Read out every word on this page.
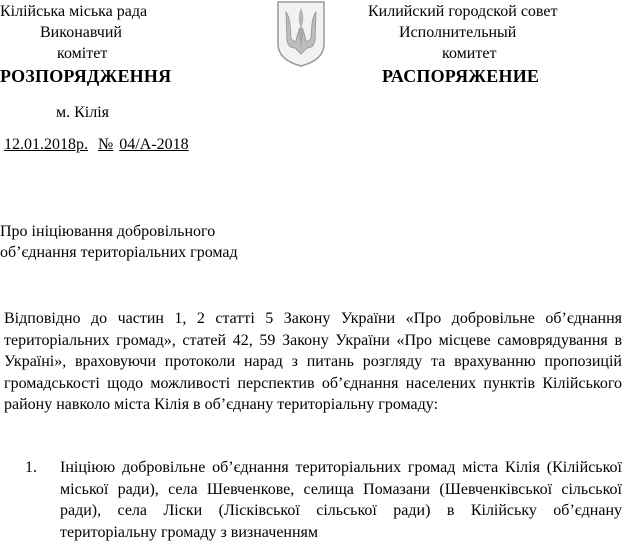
Кілійська міська рада
Виконавчий
комітет
РОЗПОРЯДЖЕННЯ
Килийский городской совет
Исполнительный
комитет
РАСПОРЯЖЕНИЕ
м. Кілія
12.01.2018р. № 04/А-2018
Про ініціювання добровільного
об’єднання територіальних громад

Відповідно до частин 1, 2 статті 5 Закону України «Про добровільне об’єднання територіальних громад», статей 42, 59 Закону України «Про місцеве самоврядування в Україні», враховуючи протоколи нарад з питань розгляду та врахуванню пропозицій громадськості щодо можливості перспектив об’єднання населених пунктів Кілійського району навколо міста Кілія в об’єднану територіальну громаду:

1. Ініціюю добровільне об’єднання територіальних громад міста Кілія (Кілійської міської ради), села Шевченкове, селища Помазани (Шевченківської сільської ради), села Ліски (Лісківської сільської ради) в Кілійську об’єднану територіальну громаду з визначенням
